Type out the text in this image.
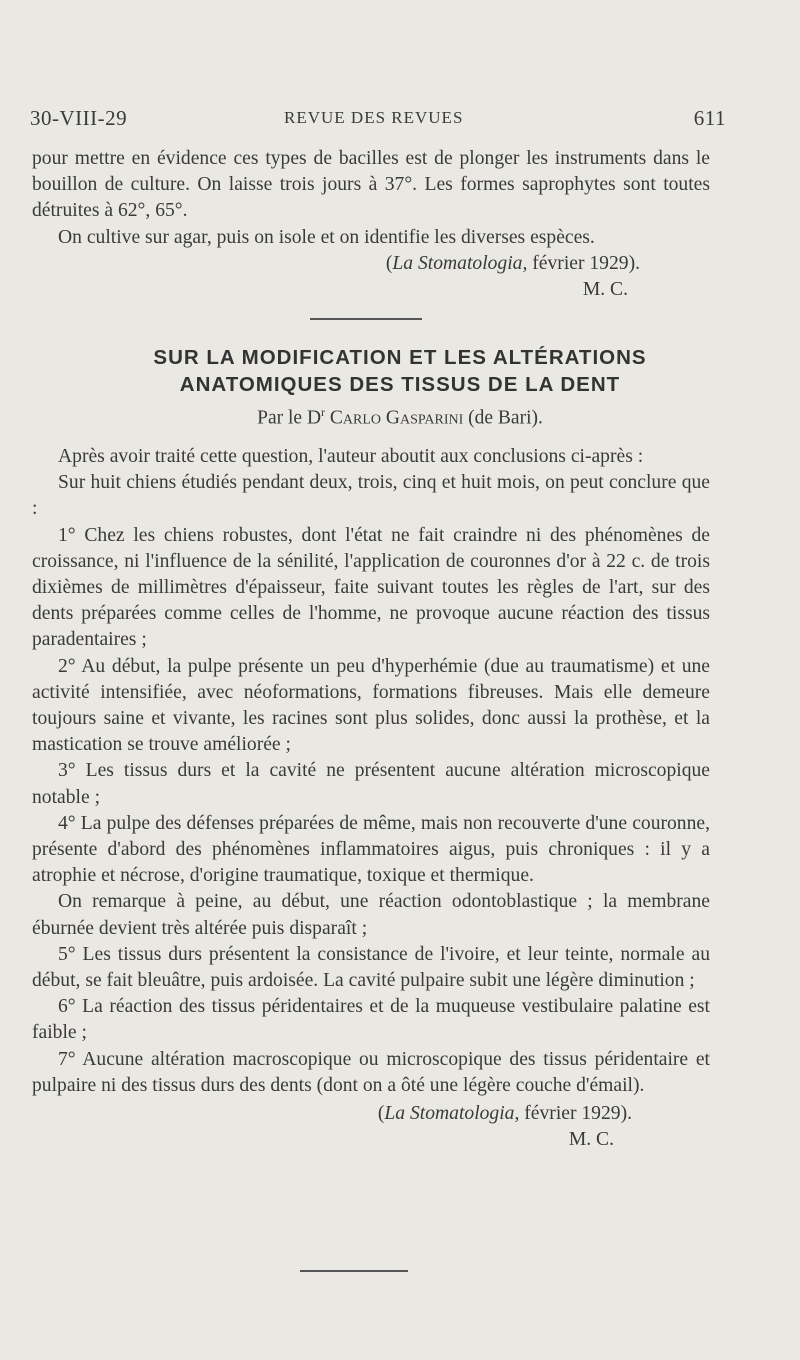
30-VIII-29	REVUE DES REVUES	611

pour mettre en évidence ces types de bacilles est de plonger les instruments dans le bouillon de culture. On laisse trois jours à 37°. Les formes saprophytes sont toutes détruites à 62°, 65°.

On cultive sur agar, puis on isole et on identifie les diverses espèces.

(La Stomatologia, février 1929).
M. C.
SUR LA MODIFICATION ET LES ALTÉRATIONS
ANATOMIQUES DES TISSUS DE LA DENT
Par le $D^r$ Carlo Gasparini (de Bari).

Après avoir traité cette question, l'auteur aboutit aux conclusions ci-après :

Sur huit chiens étudiés pendant deux, trois, cinq et huit mois, on peut conclure que :

1° Chez les chiens robustes, dont l'état ne fait craindre ni des phénomènes de croissance, ni l'influence de la sénilité, l'application de couronnes d'or à 22 c. de trois dixièmes de millimètres d'épaisseur, faite suivant toutes les règles de l'art, sur des dents préparées comme celles de l'homme, ne provoque aucune réaction des tissus paradentaires ;

2° Au début, la pulpe présente un peu d'hyperhémie (due au traumatisme) et une activité intensifiée, avec néoformations, formations fibreuses. Mais elle demeure toujours saine et vivante, les racines sont plus solides, donc aussi la prothèse, et la mastication se trouve améliorée ;

3° Les tissus durs et la cavité ne présentent aucune altération microscopique notable ;

4° La pulpe des défenses préparées de même, mais non recouverte d'une couronne, présente d'abord des phénomènes inflammatoires aigus, puis chroniques : il y a atrophie et nécrose, d'origine traumatique, toxique et thermique.

On remarque à peine, au début, une réaction odontoblastique ; la membrane éburnée devient très altérée puis disparaît ;

5° Les tissus durs présentent la consistance de l'ivoire, et leur teinte, normale au début, se fait bleuâtre, puis ardoisée. La cavité pulpaire subit une légère diminution ;

6° La réaction des tissus péridentaires et de la muqueuse vestibulaire palatine est faible ;

7° Aucune altération macroscopique ou microscopique des tissus péridentaire et pulpaire ni des tissus durs des dents (dont on a ôté une légère couche d'émail).

(La Stomatologia, février 1929).
M. C.
